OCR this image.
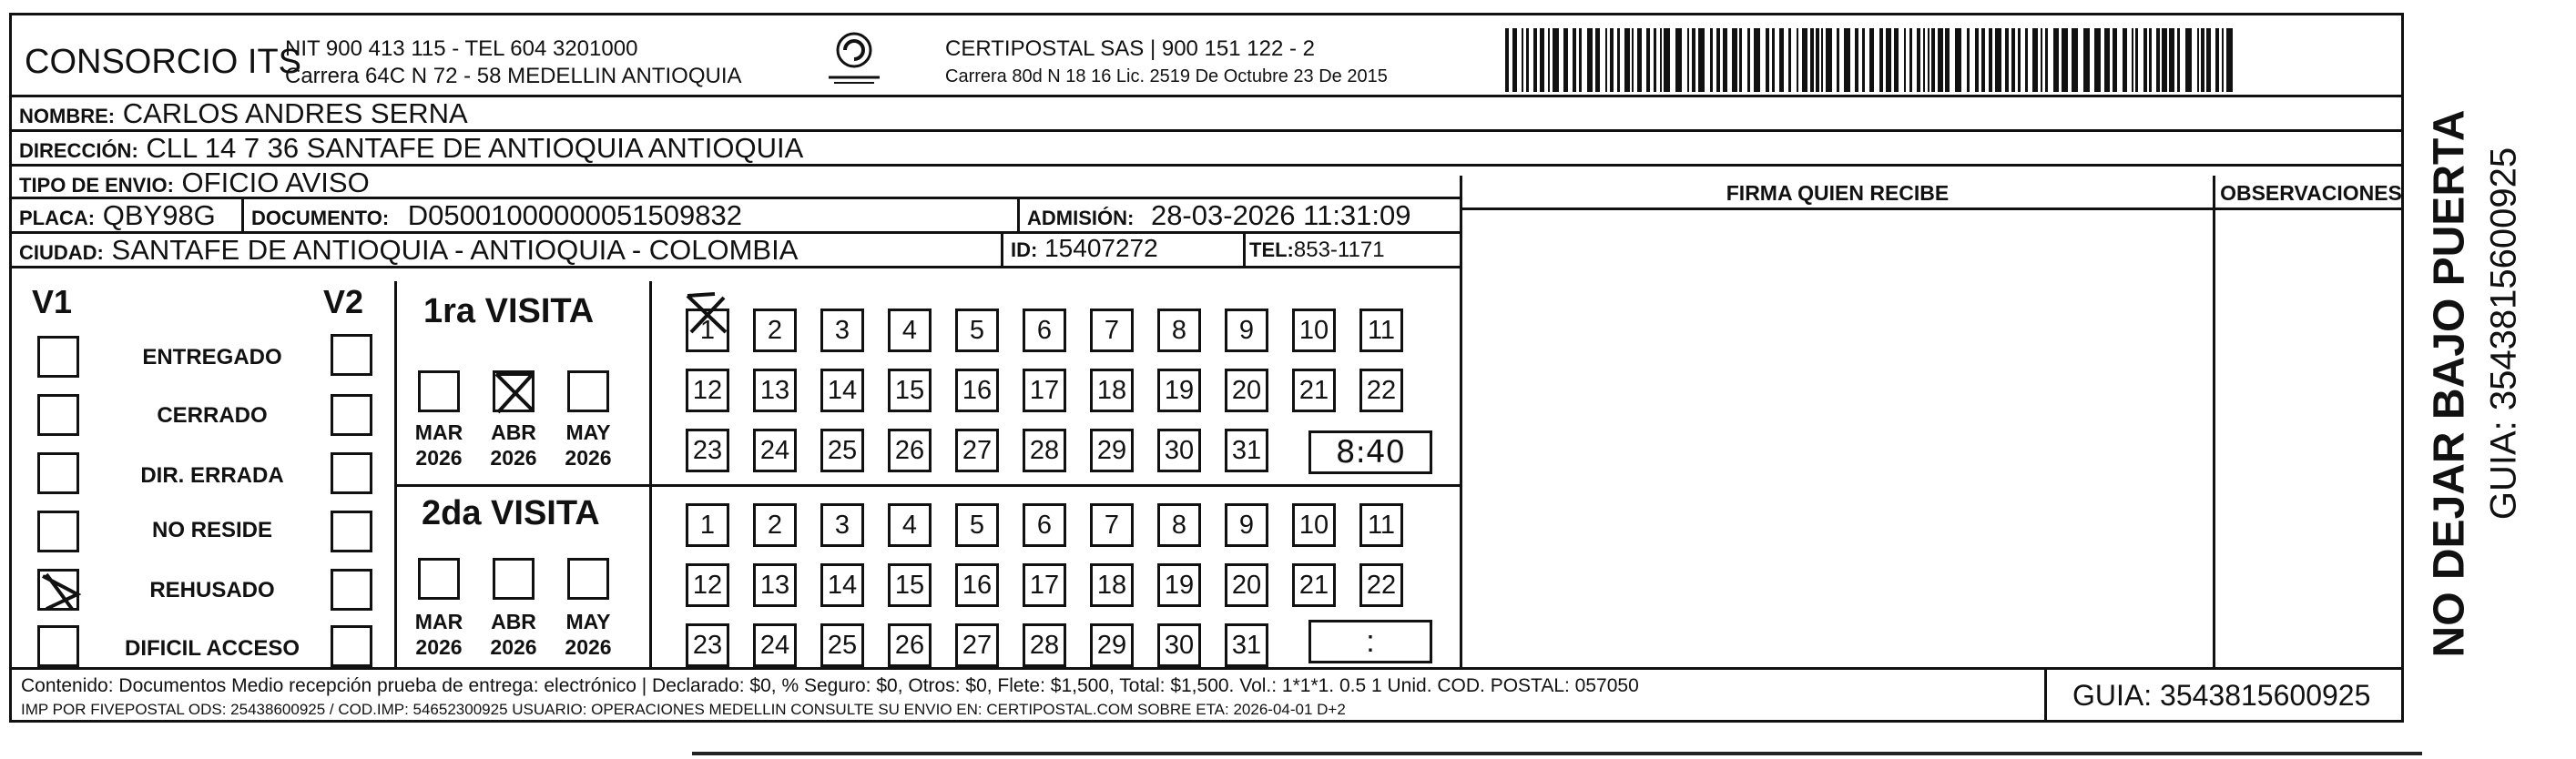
CONSORCIO ITS
NIT 900 413 115 - TEL 604 3201000
Carrera 64C N 72 - 58 MEDELLIN ANTIOQUIA
CERTIPOSTAL SAS | 900 151 122 - 2
Carrera 80d N 18 16 Lic. 2519 De Octubre 23 De 2015
NOMBRE: CARLOS ANDRES SERNA
DIRECCIÓN: CLL 14 7 36 SANTAFE DE ANTIOQUIA ANTIOQUIA
TIPO DE ENVIO: OFICIO AVISO
PLACA: QBY98G	DOCUMENTO: D05001000000051509832	ADMISIÓN: 28-03-2026 11:31:09
CIUDAD: SANTAFE DE ANTIOQUIA - ANTIOQUIA - COLOMBIA	ID: 15407272	TEL:853-1171
FIRMA QUIEN RECIBE	OBSERVACIONES
V1	V2
ENTREGADO
CERRADO
DIR. ERRADA
NO RESIDE
REHUSADO
DIFICIL ACCESO
1ra VISITA
MAR
2026
ABR
2026
MAY
2026
1	2	3	4	5	6	7	8	9	10	11
12 13 14 15 16 17 18 19 20 21 22
23 24 25 26 27 28 29 30 31	8:40
2da VISITA
MAR
2026
ABR
2026
MAY
2026
1	2	3	4	5	6	7	8	9	10	11
12 13 14 15 16 17 18 19 20 21 22
23 24 25 26 27 28 29 30 31	:
Contenido: Documentos Medio recepción prueba de entrega: electrónico | Declarado: $0, % Seguro: $0, Otros: $0, Flete: $1,500, Total: $1,500. Vol.: 1*1*1. 0.5 1 Unid. COD. POSTAL: 057050
IMP POR FIVEPOSTAL ODS: 25438600925 / COD.IMP: 54652300925 USUARIO: OPERACIONES MEDELLIN CONSULTE SU ENVIO EN: CERTIPOSTAL.COM SOBRE ETA: 2026-04-01 D+2	GUIA: 3543815600925
NO DEJAR BAJO PUERTA GUIA: 3543815600925
